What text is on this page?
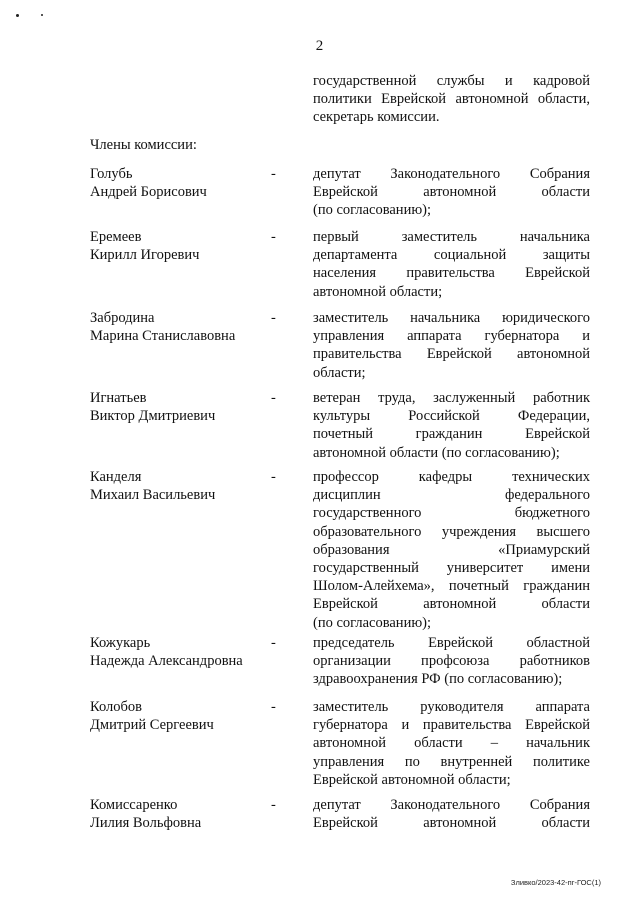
2
государственной службы и кадровой
политики Еврейской автономной области,
секретарь комиссии.
Члены комиссии:
Голубь
Андрей Борисович
-	депутат Законодательного Собрания
Еврейской автономной области
(по согласованию);
Еремеев
Кирилл Игоревич
-	первый заместитель начальника
департамента социальной защиты
населения правительства Еврейской
автономной области;
Забродина
Марина Станиславовна
-	заместитель начальника юридического
управления аппарата губернатора и
правительства Еврейской автономной
области;
Игнатьев
Виктор Дмитриевич
-	ветеран труда, заслуженный работник
культуры Российской Федерации,
почетный гражданин Еврейской
автономной области (по согласованию);
Канделя
Михаил Васильевич
-	профессор кафедры технических
дисциплин федерального
государственного бюджетного
образовательного учреждения высшего
образования «Приамурский
государственный университет имени
Шолом-Алейхема», почетный гражданин
Еврейской автономной области
(по согласованию);
Кожукарь
Надежда Александровна
-	председатель Еврейской областной
организации профсоюза работников
здравоохранения РФ (по согласованию);
Колобов
Дмитрий Сергеевич
-	заместитель руководителя аппарата
губернатора и правительства Еврейской
автономной области – начальник
управления по внутренней политике
Еврейской автономной области;
Комиссаренко
Лилия Вольфовна
-	депутат Законодательного Собрания
Еврейской автономной области
Зливко/2023-42-пг-ГОС(1)
